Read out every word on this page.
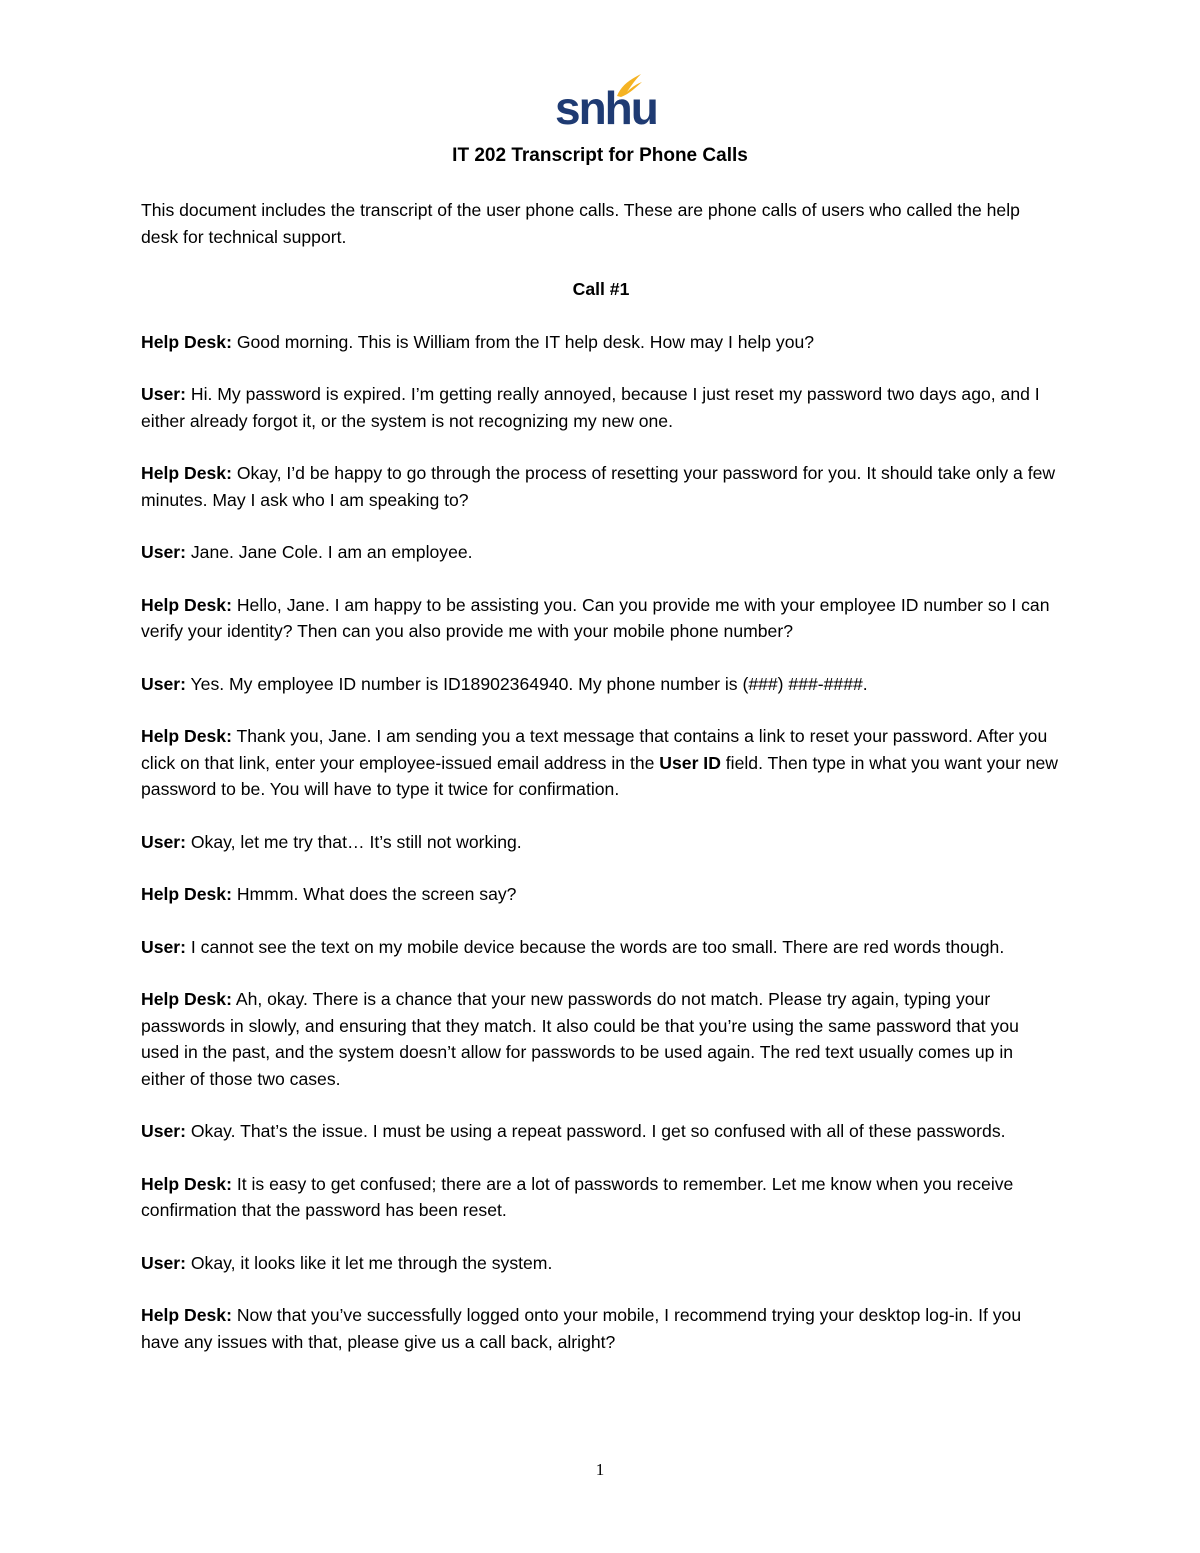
snhu
IT 202 Transcript for Phone Calls

This document includes the transcript of the user phone calls. These are phone calls of users who called the help desk for technical support.

Call #1

Help Desk: Good morning. This is William from the IT help desk. How may I help you?

User: Hi. My password is expired. I’m getting really annoyed, because I just reset my password two days ago, and I either already forgot it, or the system is not recognizing my new one.

Help Desk: Okay, I’d be happy to go through the process of resetting your password for you. It should take only a few minutes. May I ask who I am speaking to?

User: Jane. Jane Cole. I am an employee.

Help Desk: Hello, Jane. I am happy to be assisting you. Can you provide me with your employee ID number so I can verify your identity? Then can you also provide me with your mobile phone number?

User: Yes. My employee ID number is ID18902364940. My phone number is (###) ###-####.

Help Desk: Thank you, Jane. I am sending you a text message that contains a link to reset your password. After you click on that link, enter your employee-issued email address in the User ID field. Then type in what you want your new password to be. You will have to type it twice for confirmation.

User: Okay, let me try that… It’s still not working.

Help Desk: Hmmm. What does the screen say?

User: I cannot see the text on my mobile device because the words are too small. There are red words though.

Help Desk: Ah, okay. There is a chance that your new passwords do not match. Please try again, typing your passwords in slowly, and ensuring that they match. It also could be that you’re using the same password that you used in the past, and the system doesn’t allow for passwords to be used again. The red text usually comes up in either of those two cases.

User: Okay. That’s the issue. I must be using a repeat password. I get so confused with all of these passwords.

Help Desk: It is easy to get confused; there are a lot of passwords to remember. Let me know when you receive confirmation that the password has been reset.

User: Okay, it looks like it let me through the system.

Help Desk: Now that you’ve successfully logged onto your mobile, I recommend trying your desktop log-in. If you have any issues with that, please give us a call back, alright?

1
